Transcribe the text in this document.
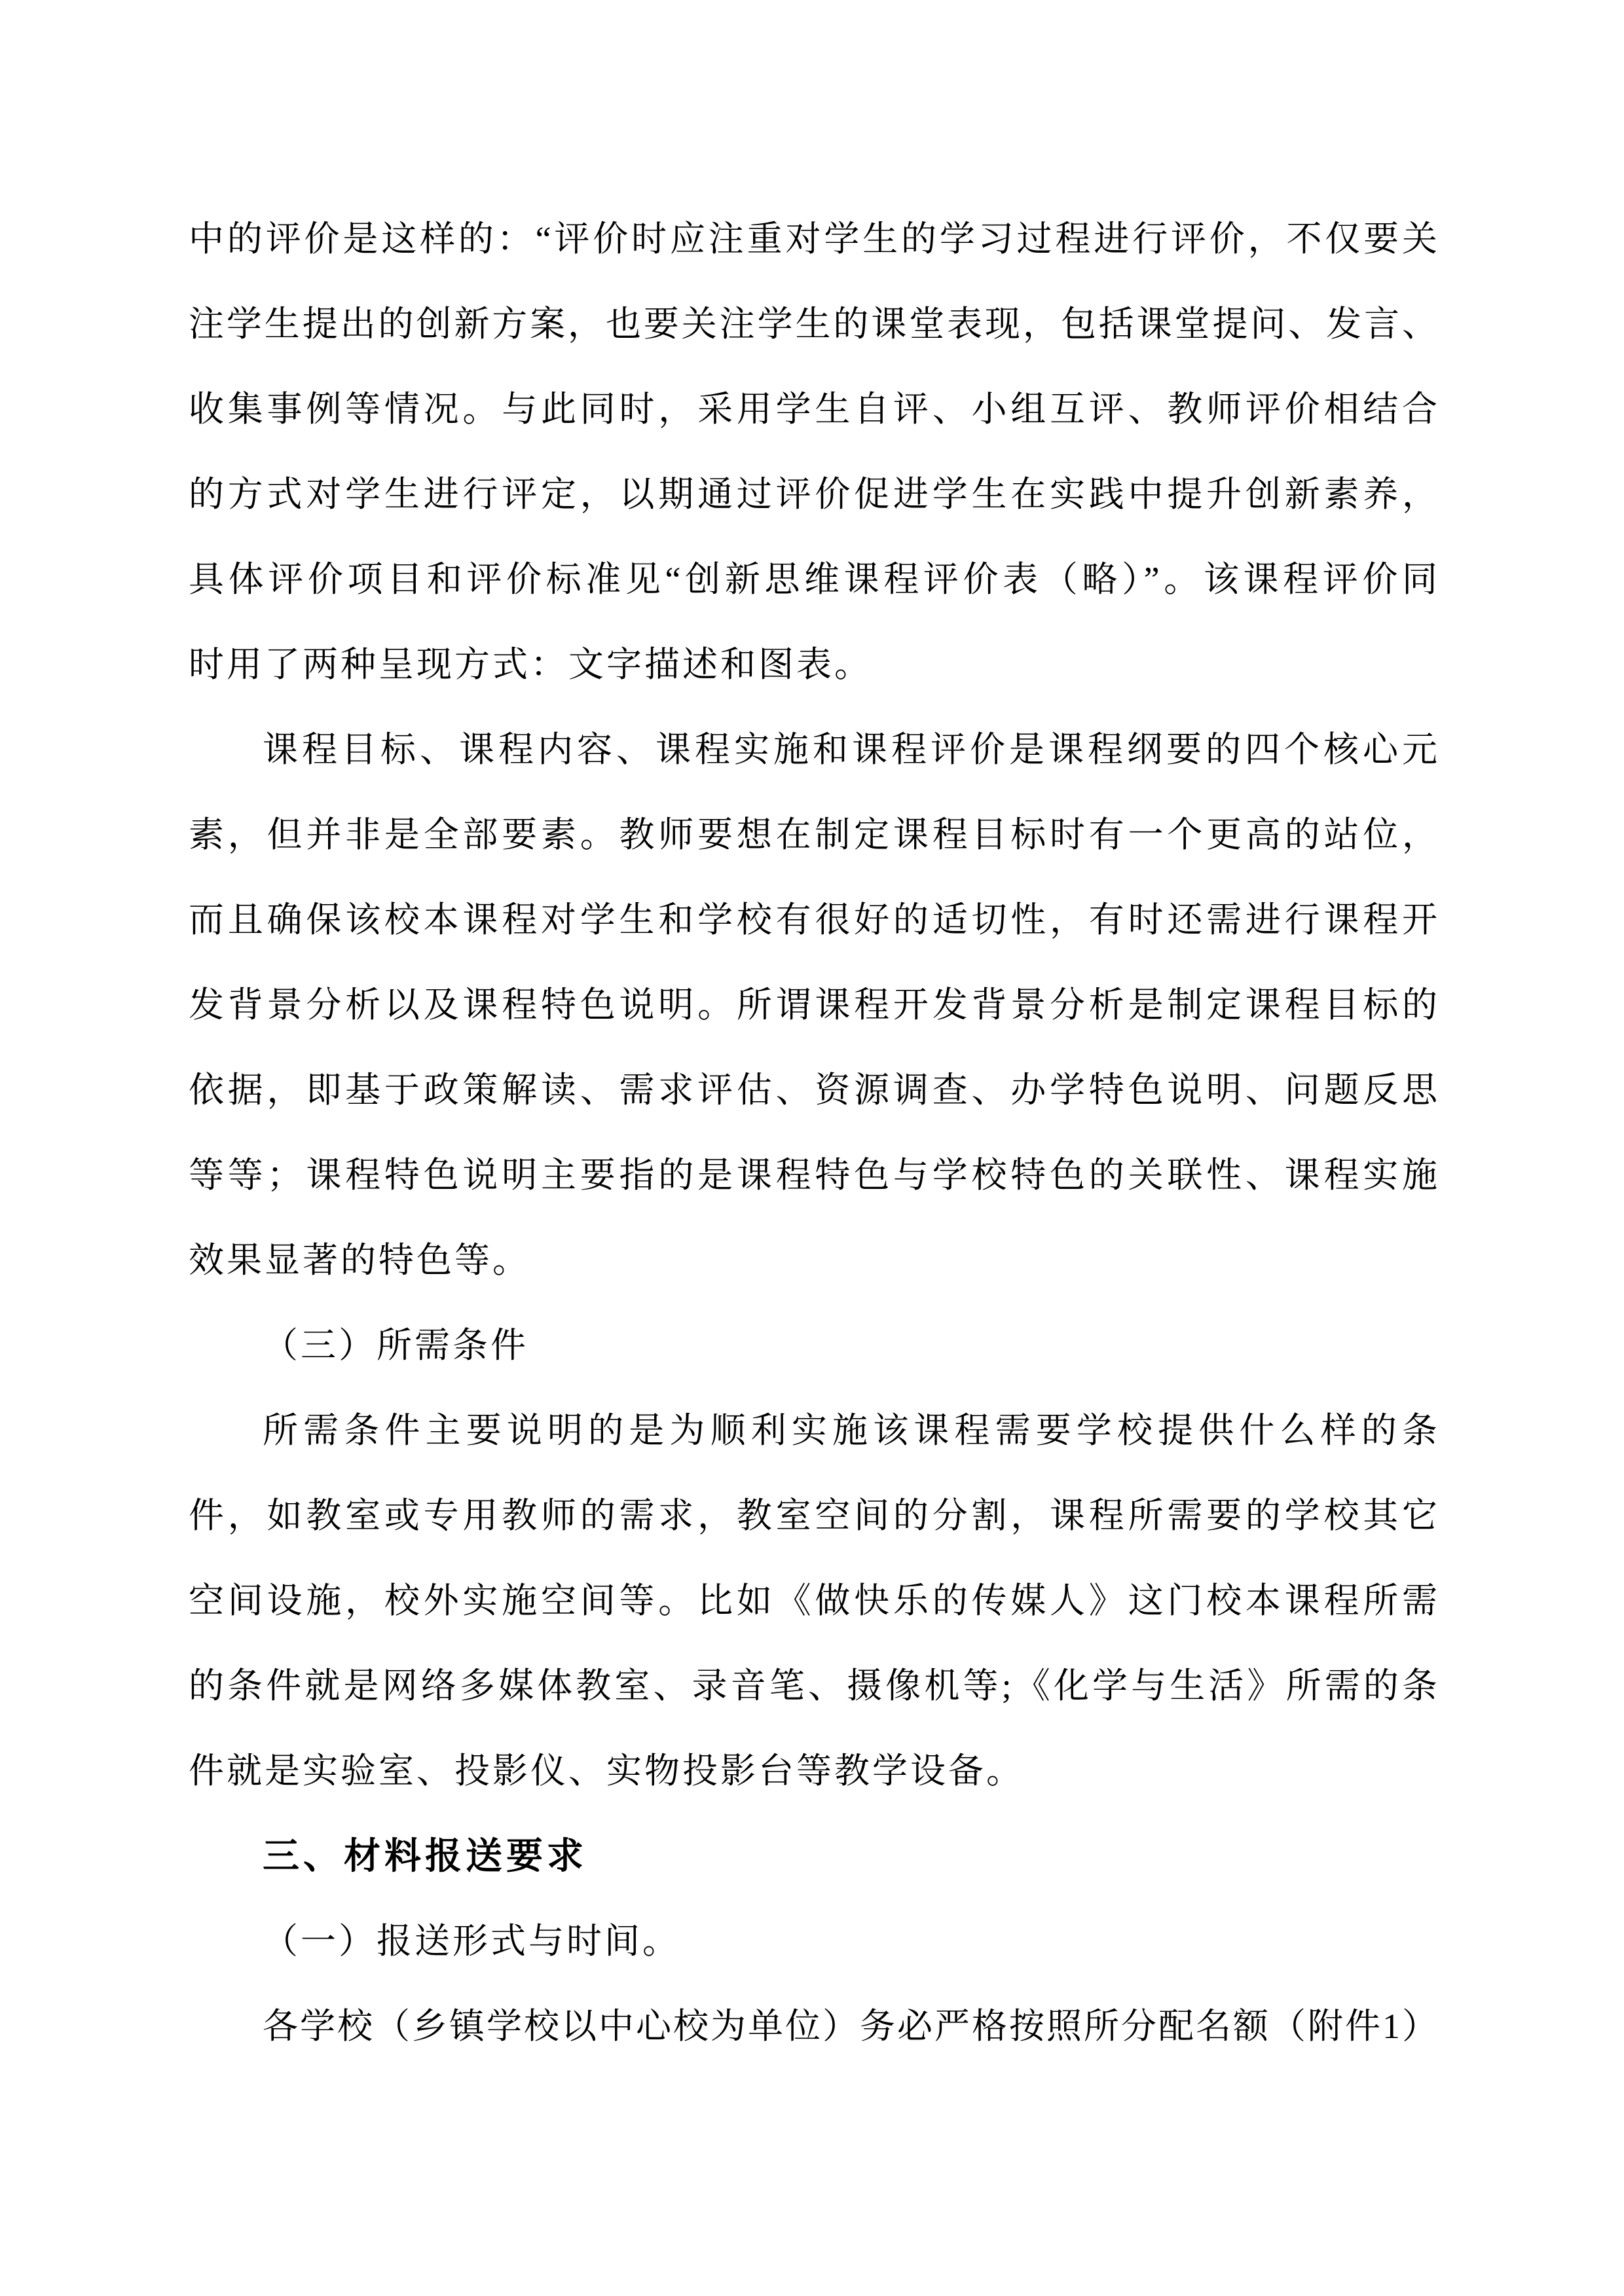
中的评价是这样的：“评价时应注重对学生的学习过程进行评价，不仅要关
注学生提出的创新方案，也要关注学生的课堂表现，包括课堂提问、发言、
收集事例等情况。与此同时，采用学生自评、小组互评、教师评价相结合
的方式对学生进行评定，以期通过评价促进学生在实践中提升创新素养，
具体评价项目和评价标准见“创新思维课程评价表（略）”。该课程评价同
时用了两种呈现方式：文字描述和图表。
课程目标、课程内容、课程实施和课程评价是课程纲要的四个核心元
素，但并非是全部要素。教师要想在制定课程目标时有一个更高的站位，
而且确保该校本课程对学生和学校有很好的适切性，有时还需进行课程开
发背景分析以及课程特色说明。所谓课程开发背景分析是制定课程目标的
依据，即基于政策解读、需求评估、资源调查、办学特色说明、问题反思
等等；课程特色说明主要指的是课程特色与学校特色的关联性、课程实施
效果显著的特色等。
（三）所需条件
所需条件主要说明的是为顺利实施该课程需要学校提供什么样的条
件，如教室或专用教师的需求，教室空间的分割，课程所需要的学校其它
空间设施，校外实施空间等。比如《做快乐的传媒人》这门校本课程所需
的条件就是网络多媒体教室、录音笔、摄像机等;《化学与生活》所需的条
件就是实验室、投影仪、实物投影台等教学设备。
三、材料报送要求
（一）报送形式与时间。
各学校（乡镇学校以中心校为单位）务必严格按照所分配名额（附件1）
